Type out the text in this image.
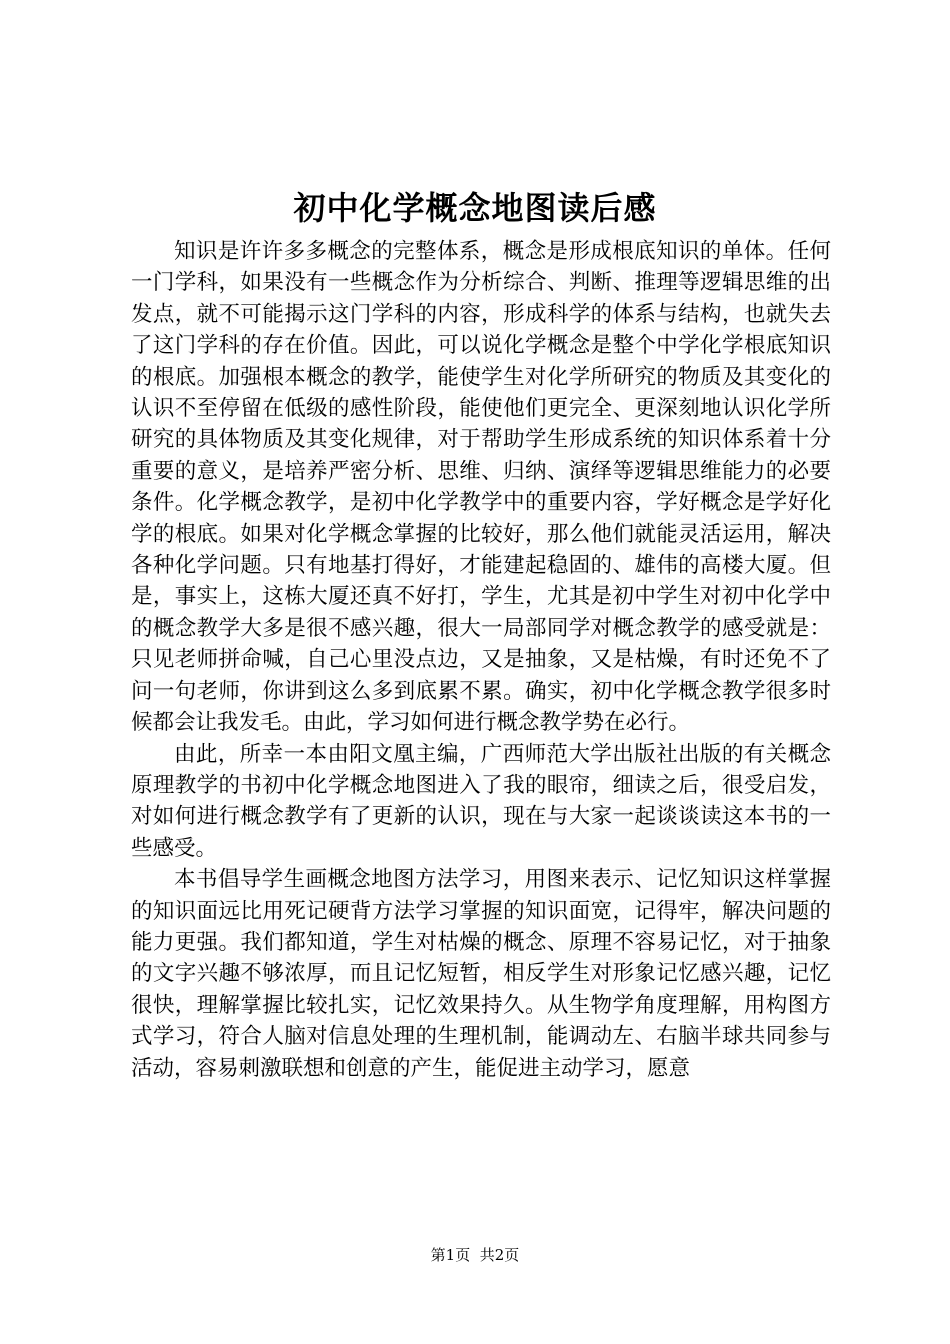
初中化学概念地图读后感

知识是许许多多概念的完整体系，概念是形成根底知识的单体。任何一门学科，如果没有一些概念作为分析综合、判断、推理等逻辑思维的出发点，就不可能揭示这门学科的内容，形成科学的体系与结构，也就失去了这门学科的存在价值。因此，可以说化学概念是整个中学化学根底知识的根底。加强根本概念的教学，能使学生对化学所研究的物质及其变化的认识不至停留在低级的感性阶段，能使他们更完全、更深刻地认识化学所研究的具体物质及其变化规律，对于帮助学生形成系统的知识体系着十分重要的意义，是培养严密分析、思维、归纳、演绎等逻辑思维能力的必要条件。化学概念教学，是初中化学教学中的重要内容，学好概念是学好化学的根底。如果对化学概念掌握的比较好，那么他们就能灵活运用，解决各种化学问题。只有地基打得好，才能建起稳固的、雄伟的高楼大厦。但是，事实上，这栋大厦还真不好打，学生，尤其是初中学生对初中化学中的概念教学大多是很不感兴趣，很大一局部同学对概念教学的感受就是：只见老师拼命喊，自己心里没点边，又是抽象，又是枯燥，有时还免不了问一句老师，你讲到这么多到底累不累。确实，初中化学概念教学很多时候都会让我发毛。由此，学习如何进行概念教学势在必行。

由此，所幸一本由阳文凰主编，广西师范大学出版社出版的有关概念原理教学的书初中化学概念地图进入了我的眼帘，细读之后，很受启发，对如何进行概念教学有了更新的认识，现在与大家一起谈谈读这本书的一些感受。

本书倡导学生画概念地图方法学习，用图来表示、记忆知识这样掌握的知识面远比用死记硬背方法学习掌握的知识面宽，记得牢，解决问题的能力更强。我们都知道，学生对枯燥的概念、原理不容易记忆，对于抽象的文字兴趣不够浓厚，而且记忆短暂，相反学生对形象记忆感兴趣，记忆很快，理解掌握比较扎实，记忆效果持久。从生物学角度理解，用构图方式学习，符合人脑对信息处理的生理机制，能调动左、右脑半球共同参与活动，容易刺激联想和创意的产生，能促进主动学习，愿意

第1页 共2页
